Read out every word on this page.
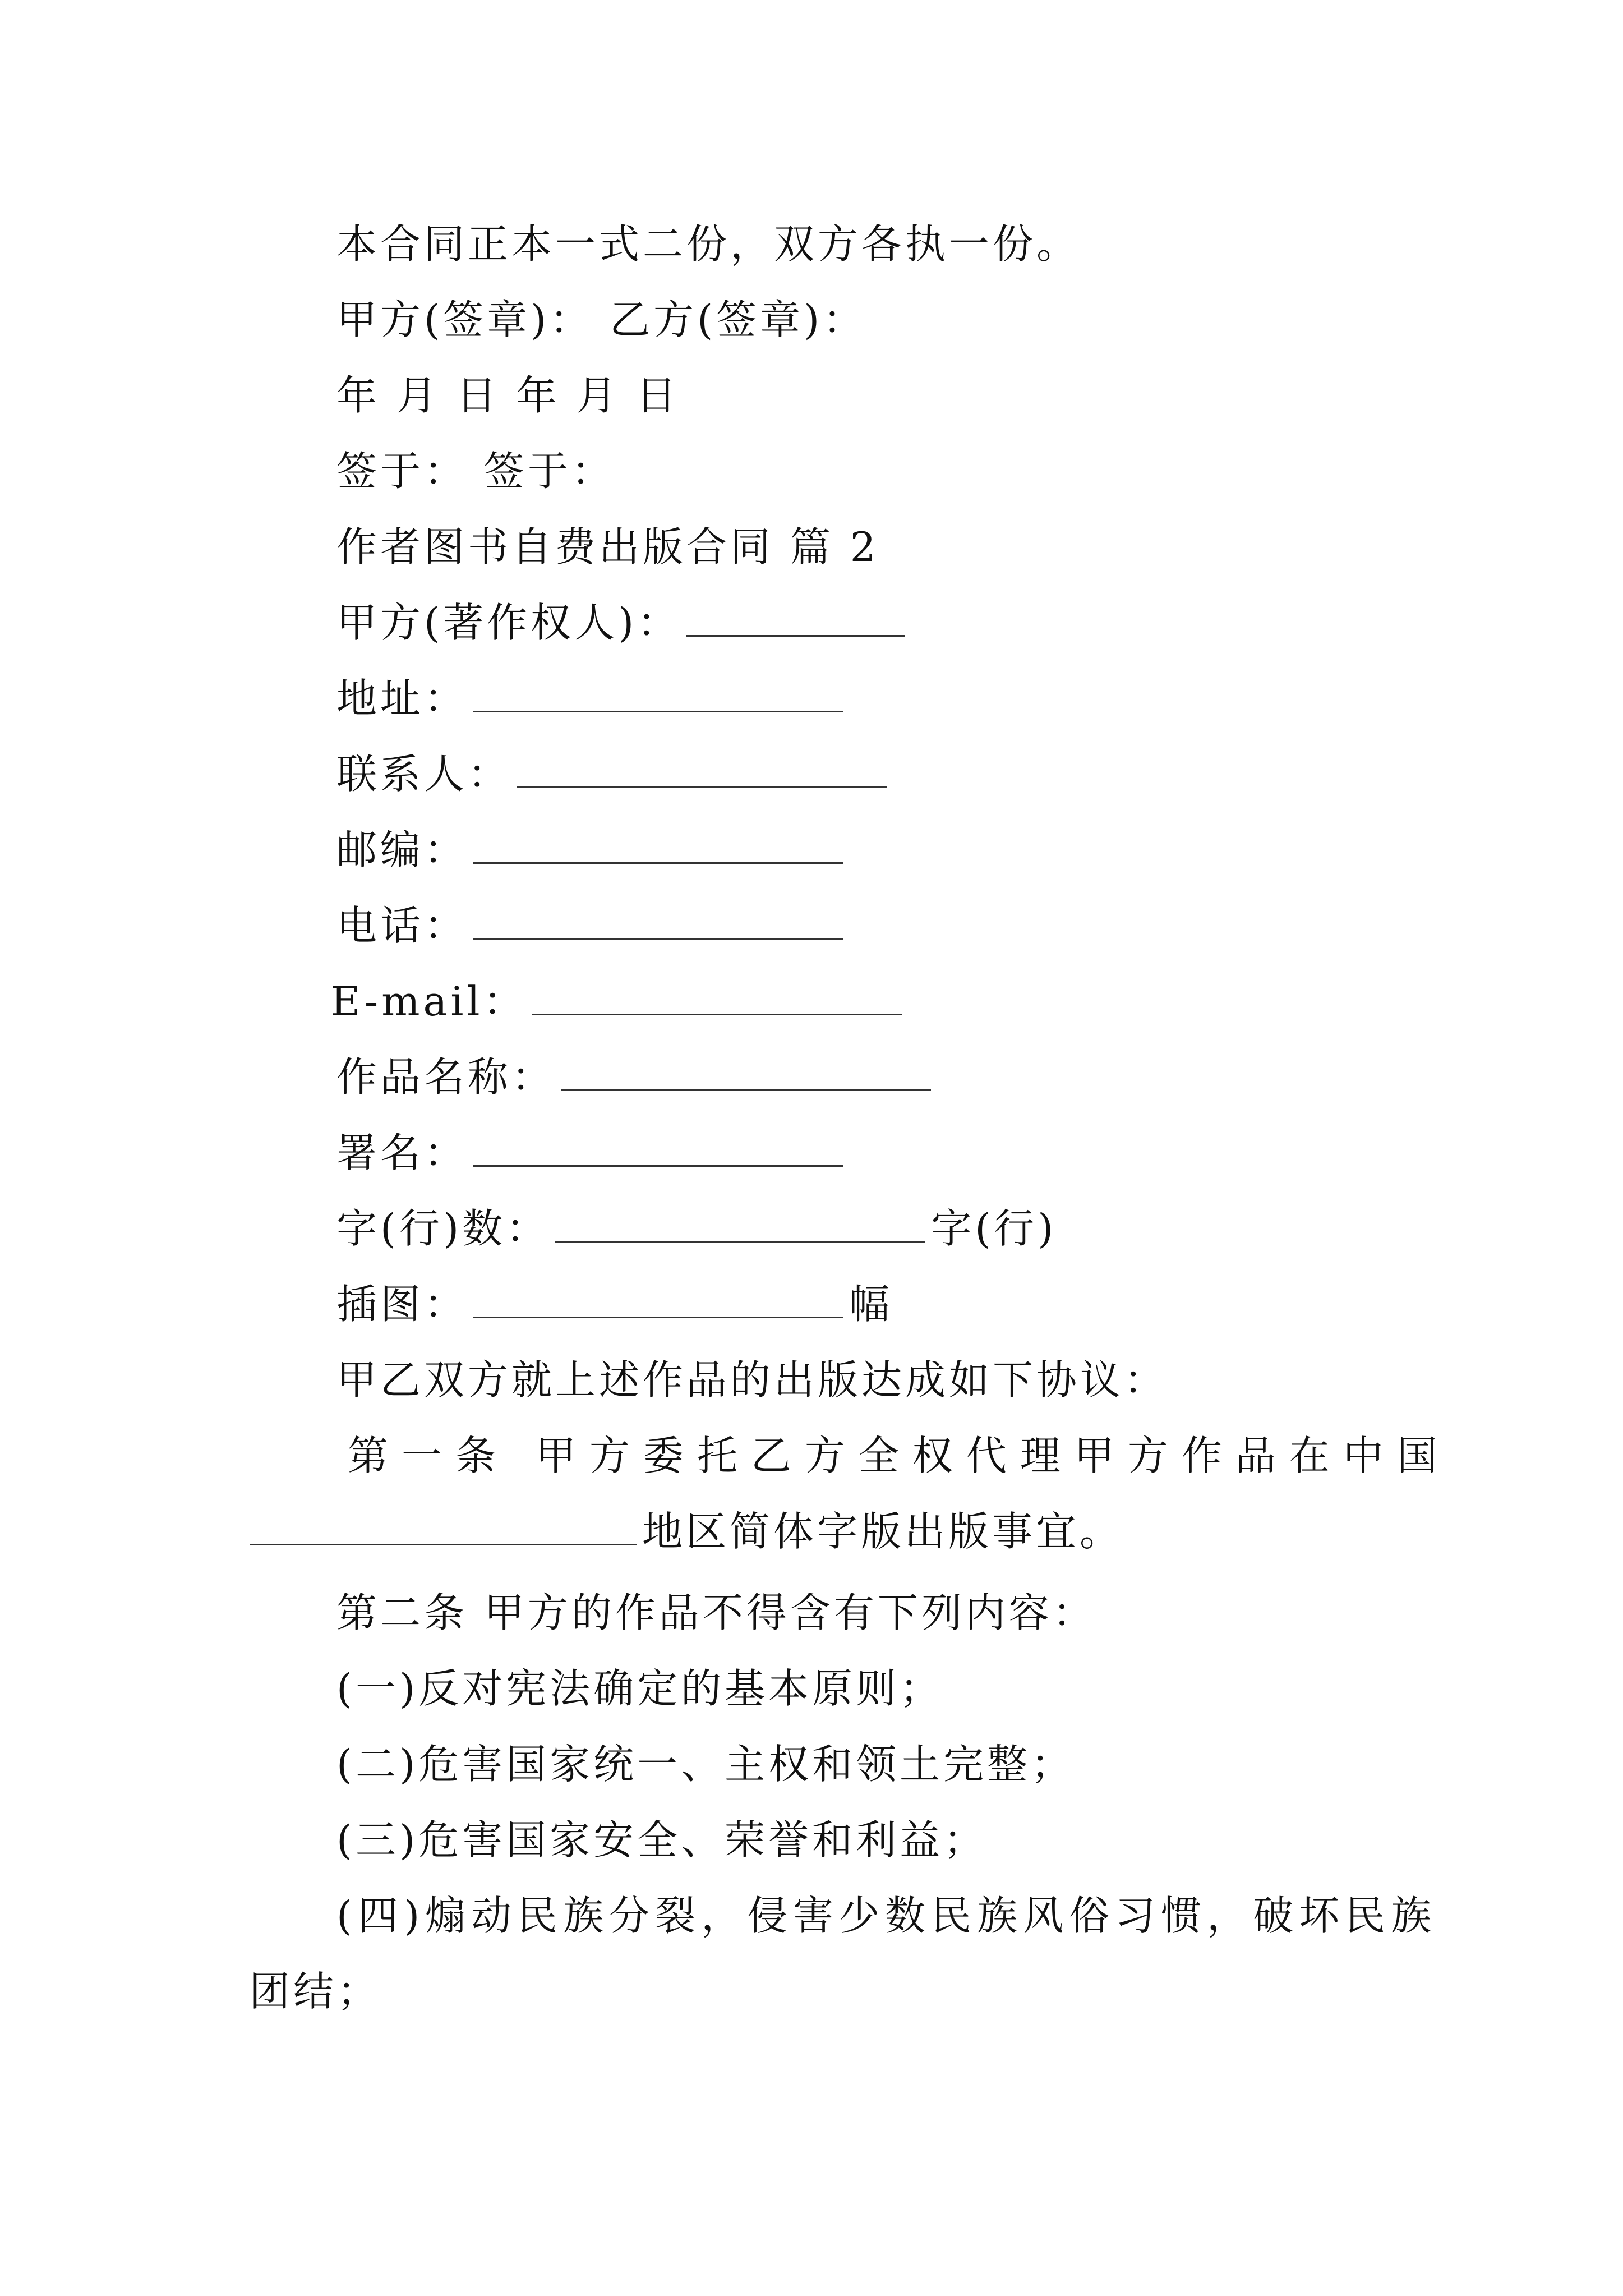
本合同正本一式二份，双方各执一份。
甲方(签章)： 乙方(签章)：
年 月 日 年 月 日
签于： 签于：
作者图书自费出版合同 篇 2
甲方(著作权人)：
地址：
联系人：
邮编：
电话：
E-mail：
作品名称：
署名：
字(行)数：	字(行)
插图：	幅
甲乙双方就上述作品的出版达成如下协议：
第一条 甲方委托乙方全权代理甲方作品在中国
地区简体字版出版事宜。
第二条 甲方的作品不得含有下列内容：
(一)反对宪法确定的基本原则；
(二)危害国家统一、主权和领土完整；
(三)危害国家安全、荣誉和利益；
(四)煽动民族分裂，侵害少数民族风俗习惯，破坏民族
团结；
